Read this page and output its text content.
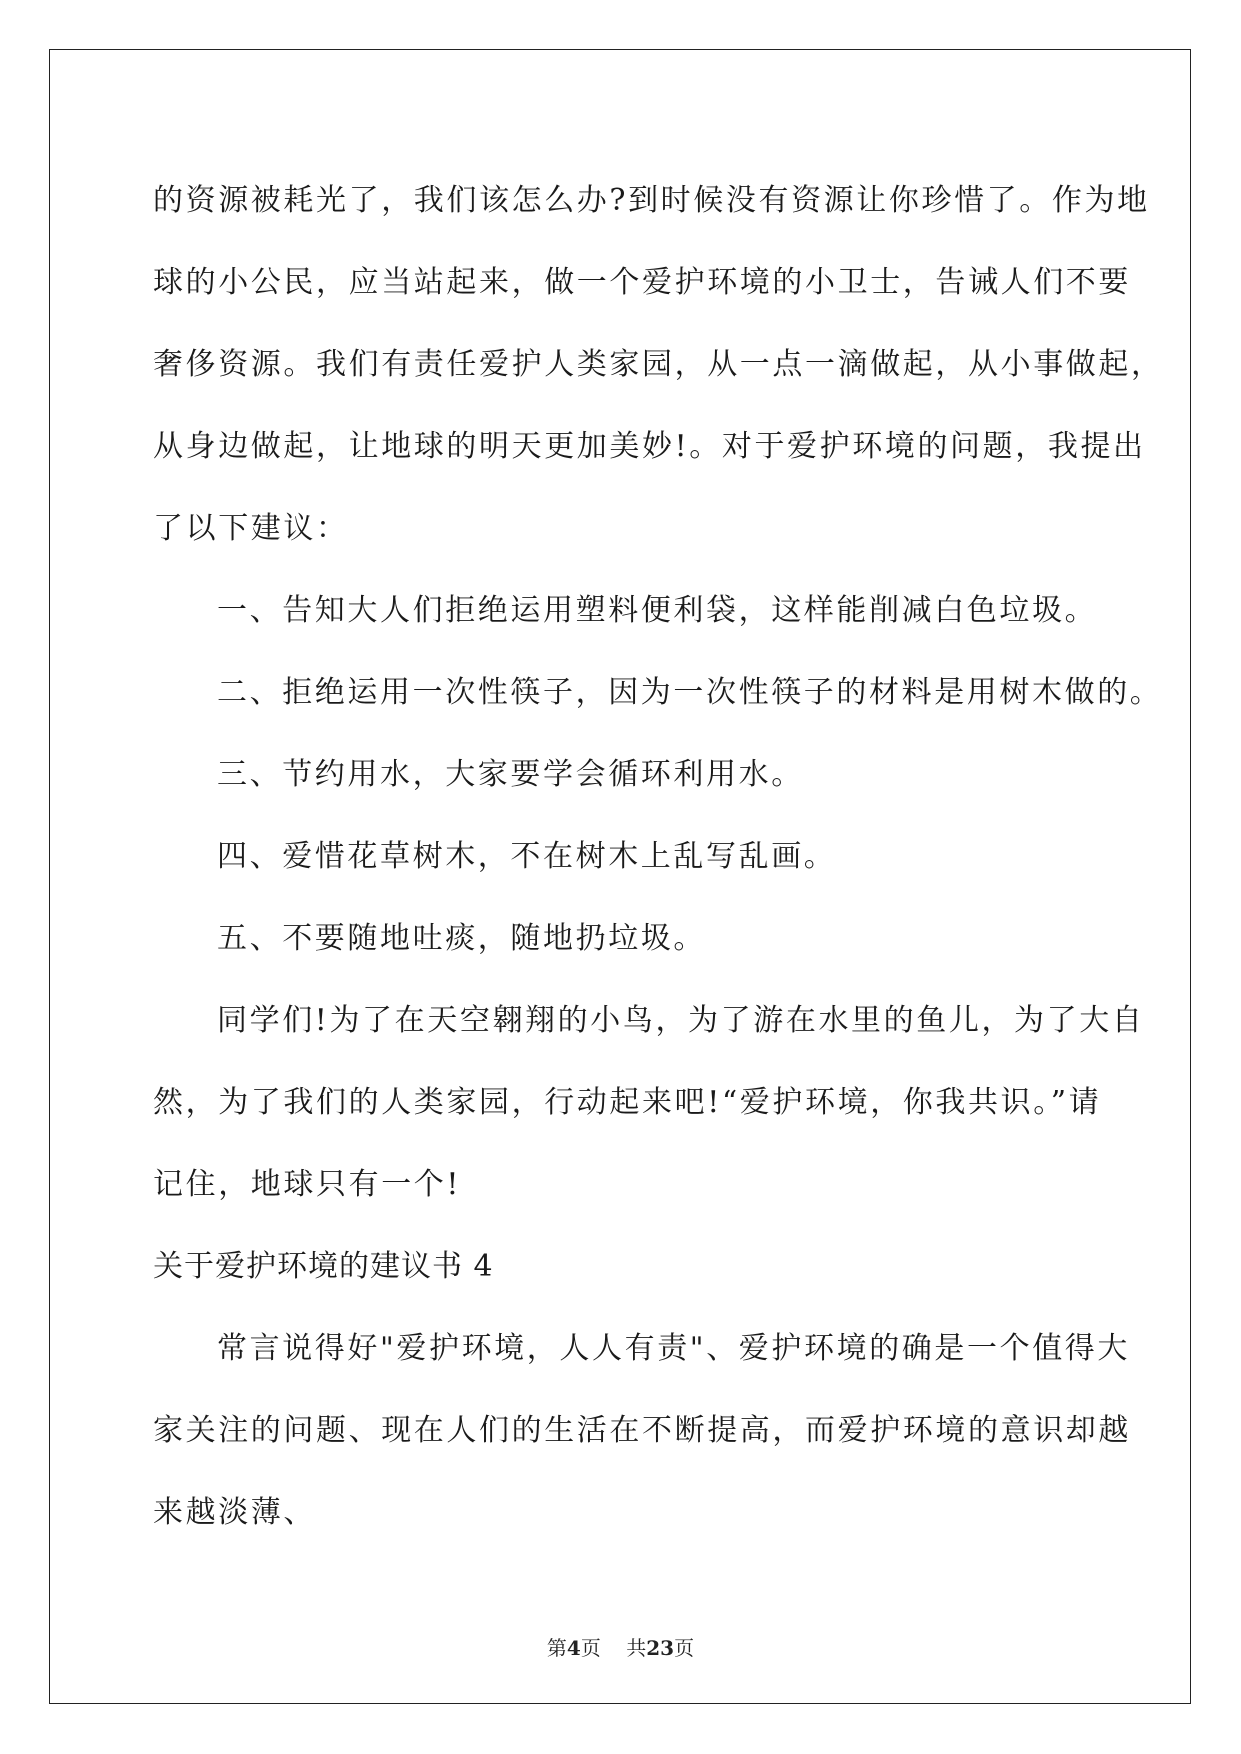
的资源被耗光了，我们该怎么办?到时候没有资源让你珍惜了。作为地
球的小公民，应当站起来，做一个爱护环境的小卫士，告诫人们不要
奢侈资源。我们有责任爱护人类家园，从一点一滴做起，从小事做起，
从身边做起，让地球的明天更加美妙!。对于爱护环境的问题，我提出
了以下建议：
一、告知大人们拒绝运用塑料便利袋，这样能削减白色垃圾。
二、拒绝运用一次性筷子，因为一次性筷子的材料是用树木做的。
三、节约用水，大家要学会循环利用水。
四、爱惜花草树木，不在树木上乱写乱画。
五、不要随地吐痰，随地扔垃圾。
同学们!为了在天空翱翔的小鸟，为了游在水里的鱼儿，为了大自
然，为了我们的人类家园，行动起来吧!“爱护环境，你我共识。”请
记住，地球只有一个!
关于爱护环境的建议书 4
常言说得好"爱护环境，人人有责"、爱护环境的确是一个值得大
家关注的问题、现在人们的生活在不断提高，而爱护环境的意识却越
来越淡薄、
第4页 共23页
